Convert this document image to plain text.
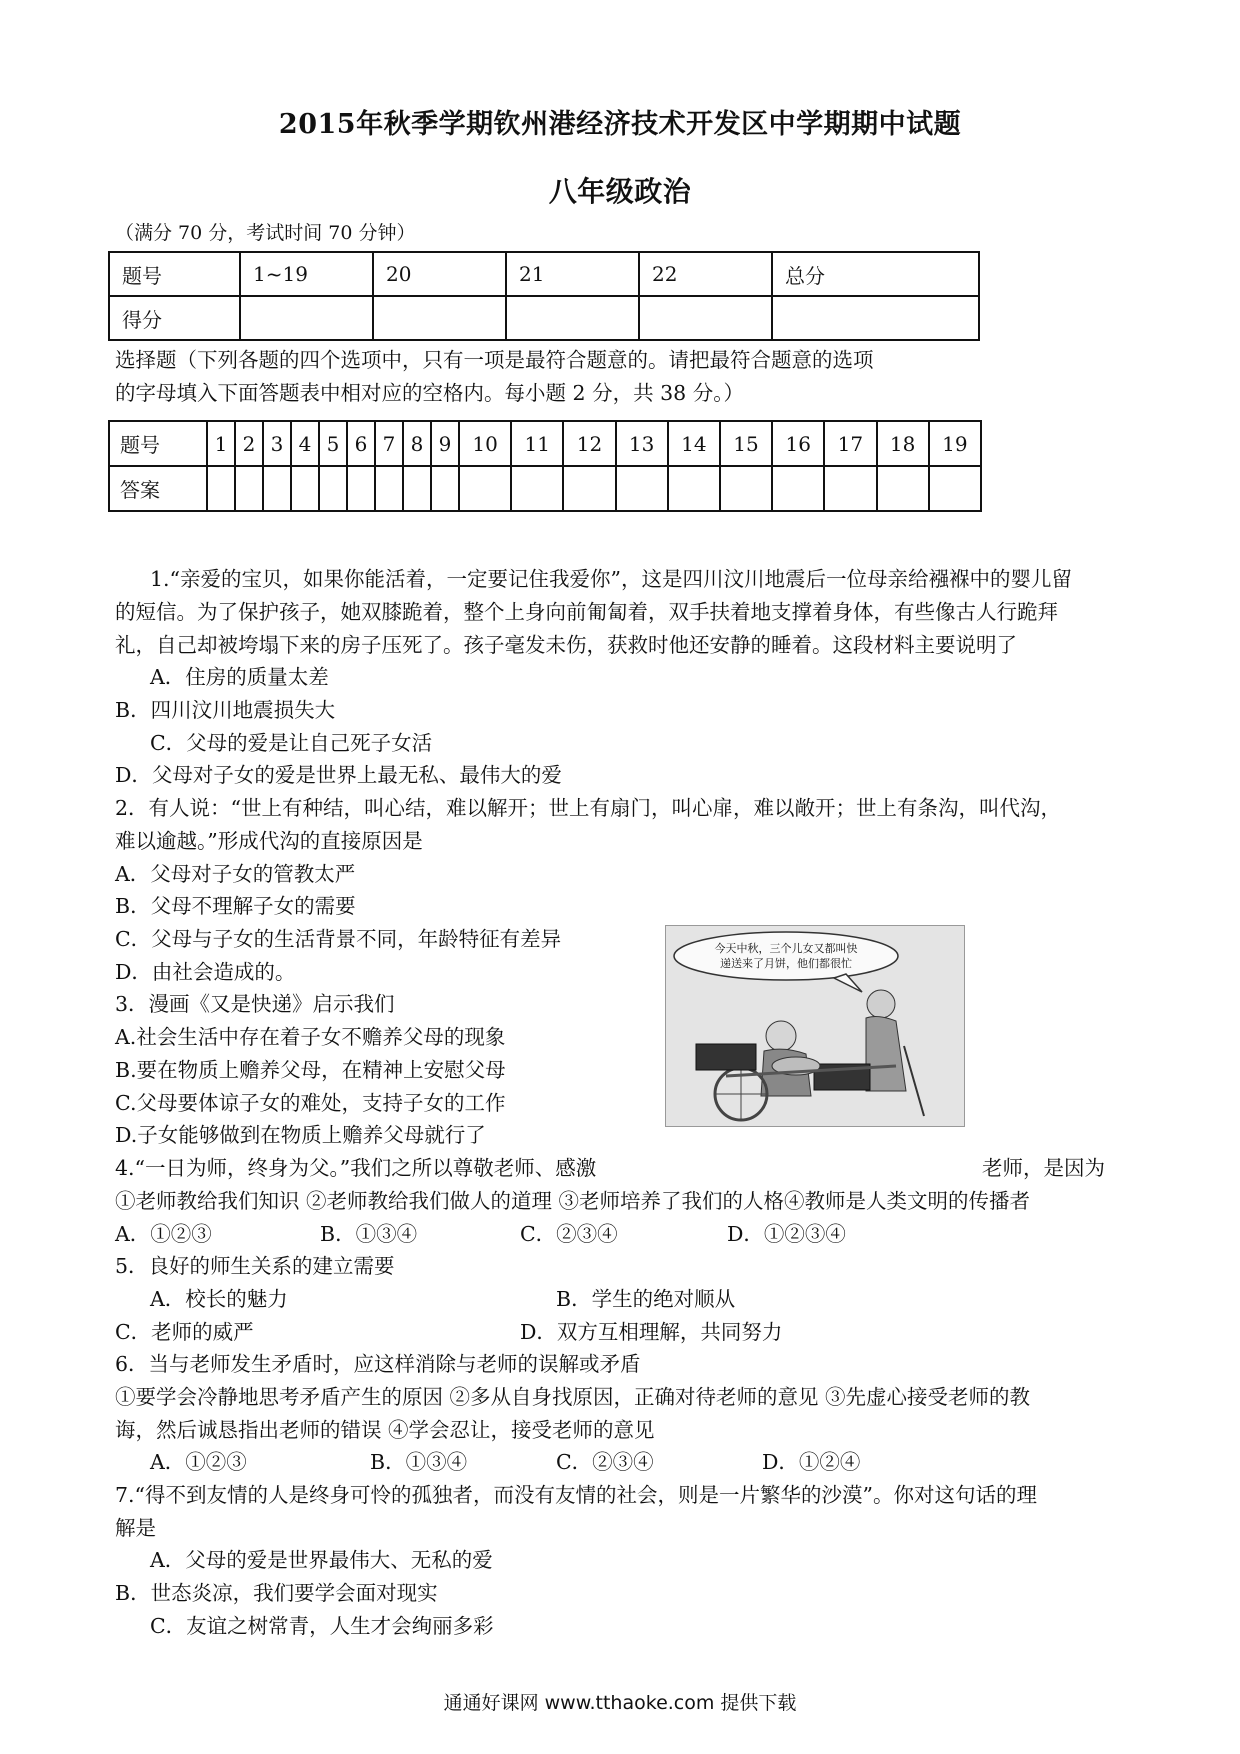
2015年秋季学期钦州港经济技术开发区中学期期中试题
八年级政治
（满分 70 分，考试时间 70 分钟）
题号	1~19	20	21	22	总分
得分					
选择题（下列各题的四个选项中，只有一项是最符合题意的。请把最符合题意的选项
的字母填入下面答题表中相对应的空格内。每小题 2 分，共 38 分。）
题号	1	2	3	4	5	6	7	8	9	10	11	12	13	14	15	16	17	18	19
答案																			
1.“亲爱的宝贝，如果你能活着，一定要记住我爱你”，这是四川汶川地震后一位母亲给襁褓中的婴儿留
的短信。为了保护孩子，她双膝跪着，整个上身向前匍匐着，双手扶着地支撑着身体，有些像古人行跪拜
礼，自己却被垮塌下来的房子压死了。孩子毫发未伤，获救时他还安静的睡着。这段材料主要说明了
A．住房的质量太差
B．四川汶川地震损失大
C．父母的爱是让自己死子女活
D．父母对子女的爱是世界上最无私、最伟大的爱
2．有人说：“世上有种结，叫心结，难以解开；世上有扇门，叫心扉，难以敞开；世上有条沟，叫代沟，
难以逾越。”形成代沟的直接原因是
A．父母对子女的管教太严
B．父母不理解子女的需要
C．父母与子女的生活背景不同，年龄特征有差异
D．由社会造成的。
3．漫画《又是快递》启示我们
A.社会生活中存在着子女不赡养父母的现象
B.要在物质上赡养父母，在精神上安慰父母
C.父母要体谅子女的难处，支持子女的工作
D.子女能够做到在物质上赡养父母就行了
4.“一日为师，终身为父。”我们之所以尊敬老师、感激	老师，是因为
①老师教给我们知识 ②老师教给我们做人的道理 ③老师培养了我们的人格④教师是人类文明的传播者
A．①②③	B．①③④	C．②③④	D．①②③④
5．良好的师生关系的建立需要
A．校长的魅力	B．学生的绝对顺从
C．老师的威严	D．双方互相理解，共同努力
6．当与老师发生矛盾时，应这样消除与老师的误解或矛盾
①要学会冷静地思考矛盾产生的原因 ②多从自身找原因，正确对待老师的意见 ③先虚心接受老师的教
诲，然后诚恳指出老师的错误 ④学会忍让，接受老师的意见
A．①②③	B．①③④	C．②③④	D．①②④
7.“得不到友情的人是终身可怜的孤独者，而没有友情的社会，则是一片繁华的沙漠”。你对这句话的理
解是
A．父母的爱是世界最伟大、无私的爱
B．世态炎凉，我们要学会面对现实
C．友谊之树常青，人生才会绚丽多彩
今天中秋，三个儿女又都叫快
递送来了月饼，他们都很忙
通通好课网 www.tthaoke.com 提供下载
